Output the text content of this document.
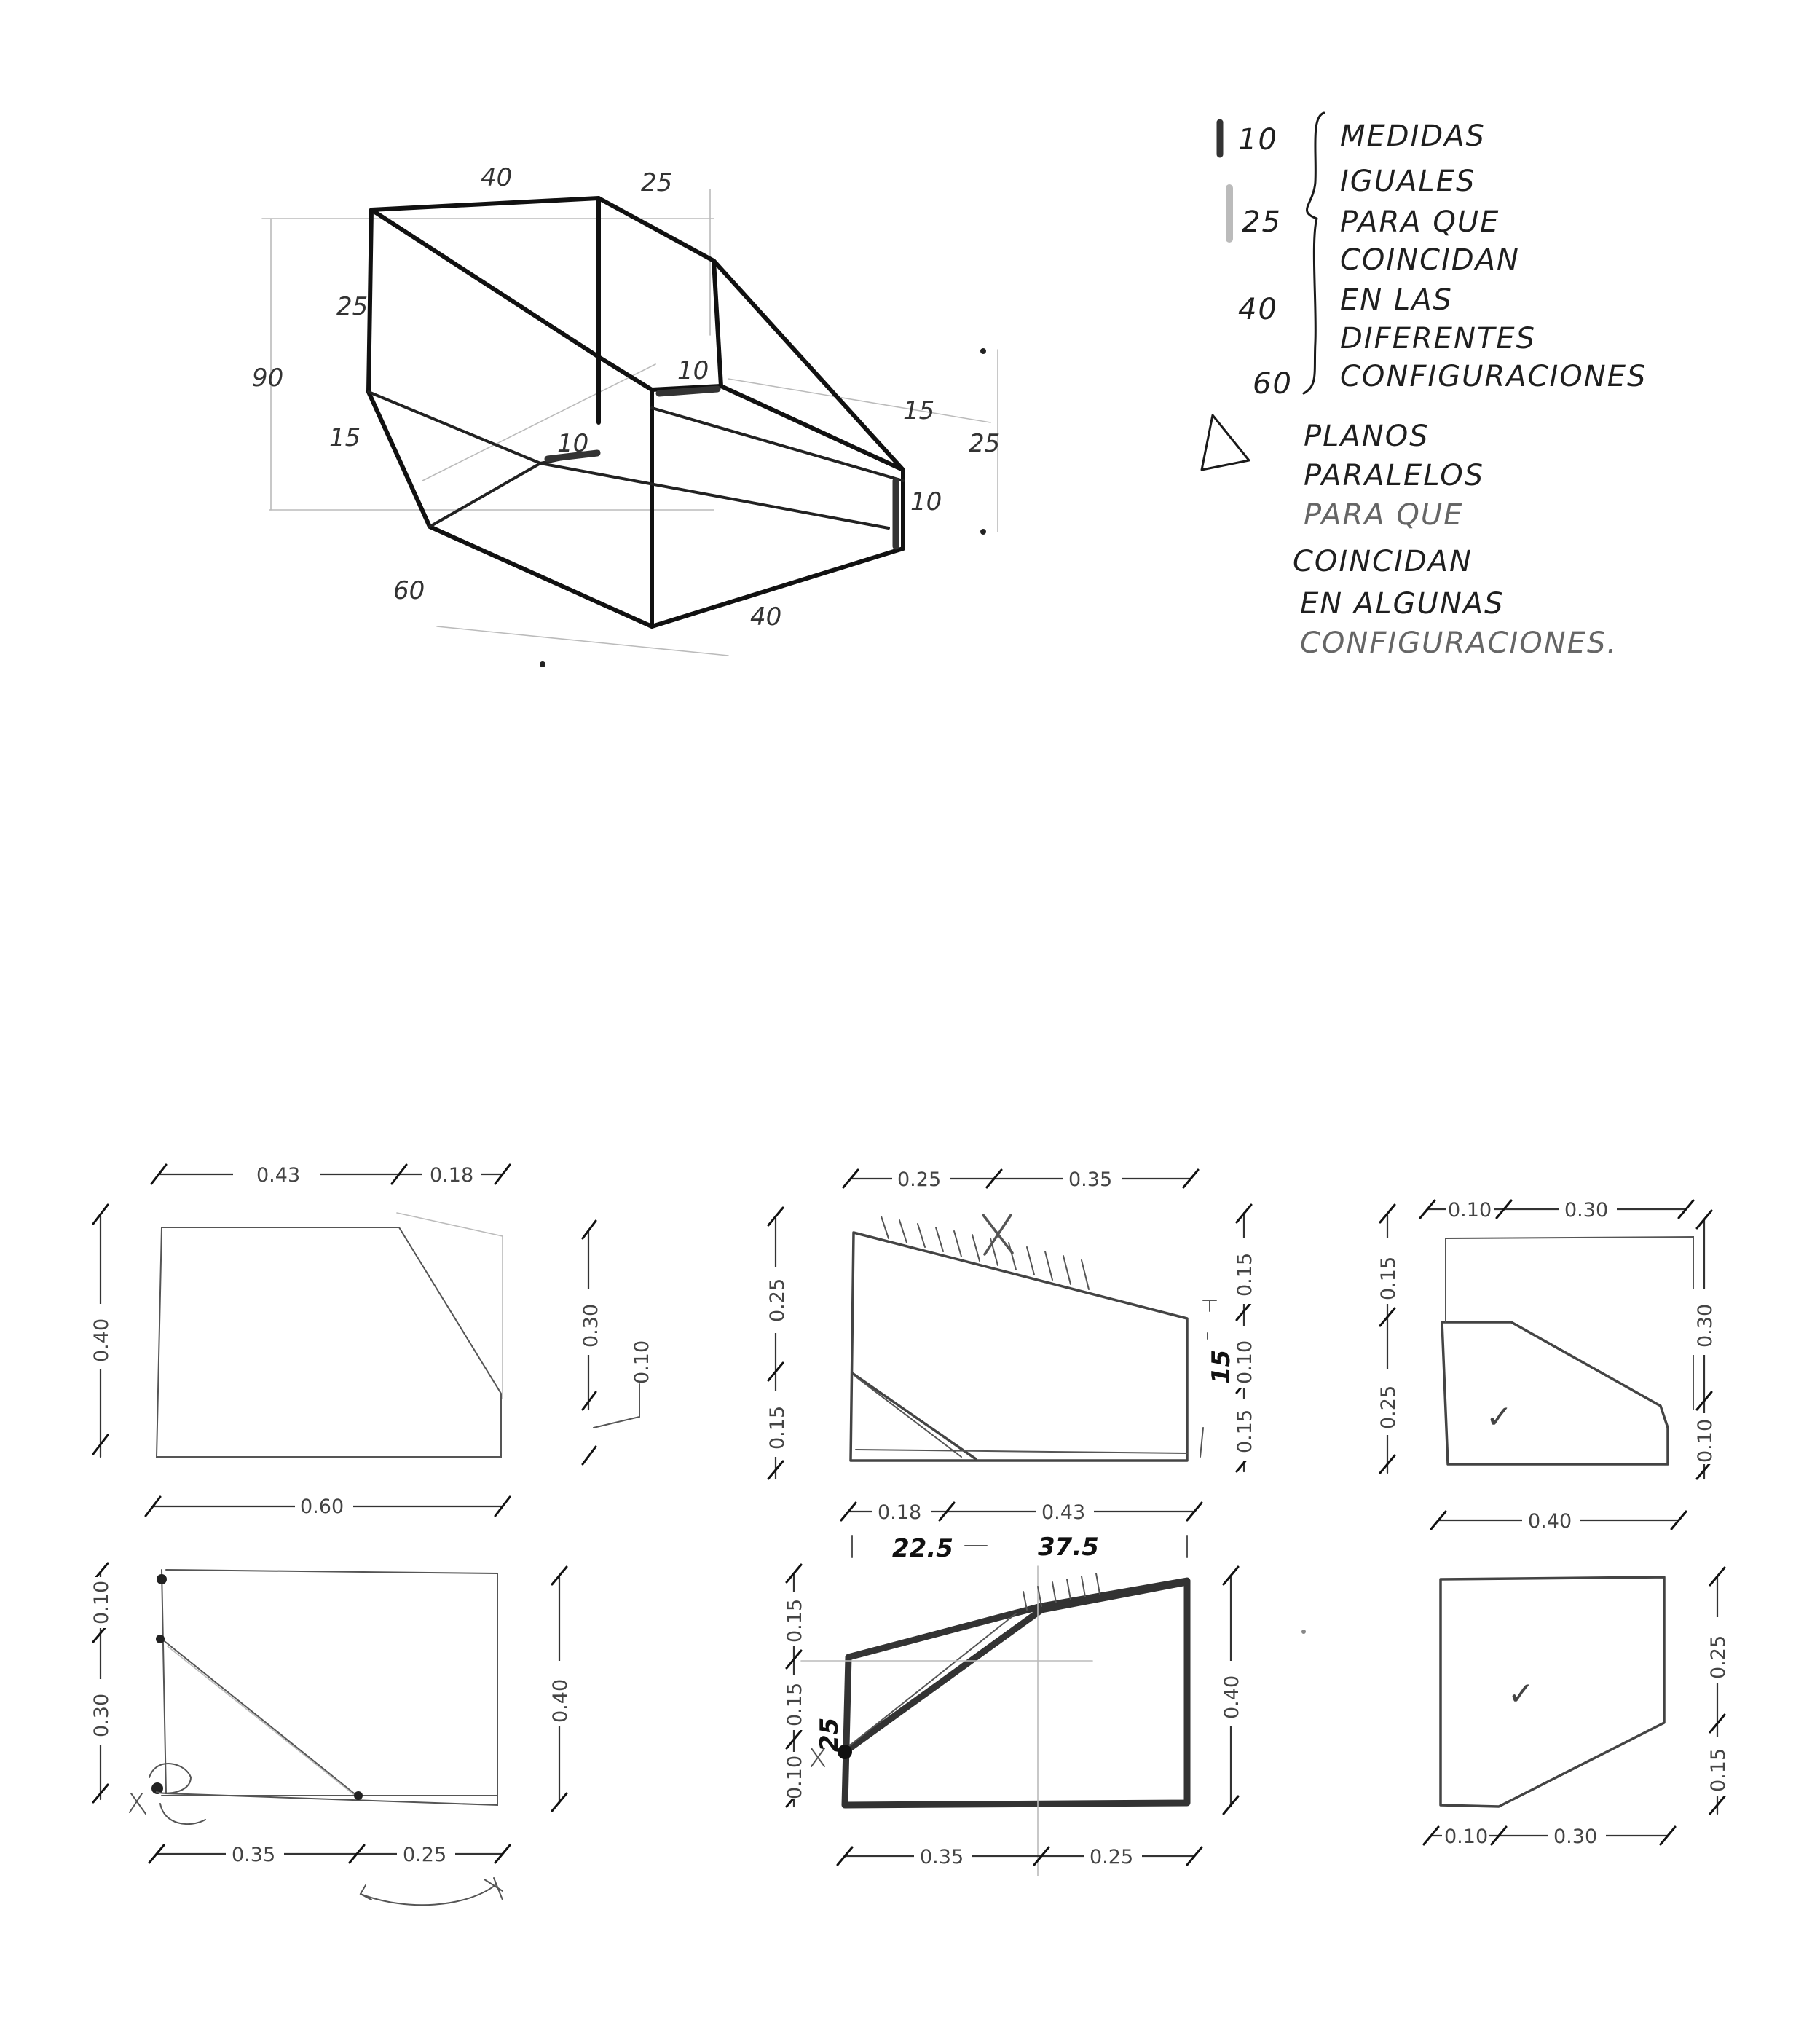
40	25
90
25
15
10
10
15
25
10
60
40
10
25
40
60
MEDIDAS
IGUALES
PARA QUE
COINCIDAN
EN LAS
DIFERENTES
CONFIGURACIONES
PLANOS
PARALELOS
PARA QUE
COINCIDAN
EN ALGUNAS
CONFIGURACIONES.
0.43	0.18
0.40
0.60
0.30
0.10
0.10
0.30	0.40
0.35	0.25
0.25	0.35
0.25
0.15
0.15
0.10
0.15
15
0.18	0.43
22.5	37.5
0.15
0.15
0.10
25
0.40
0.35	0.25
✓
0.10	0.30
0.15
0.25
0.30
0.10
0.40
✓
0.25
0.15
0.10	0.30
